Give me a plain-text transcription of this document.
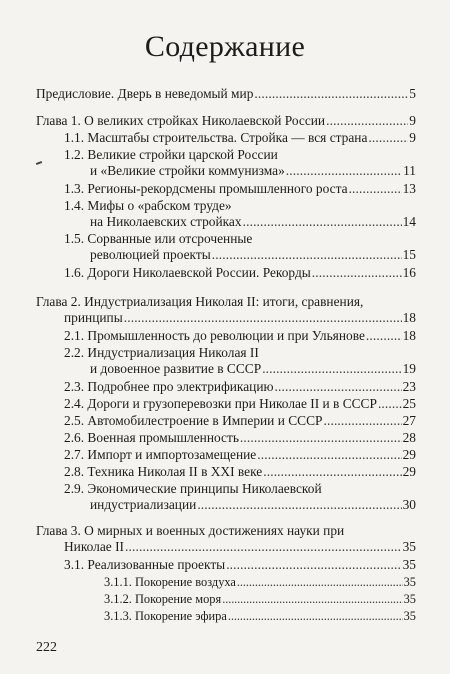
Содержание
Предисловие. Дверь в неведомый мир . . .	5
Глава 1. О великих стройках Николаевской России . . .	9
1.1. Масштабы строительства. Стройка — вся страна . . .	9
1.2. Великие стройки царской России
и «Великие стройки коммунизма» . . .	11
1.3. Регионы-рекордсмены промышленного роста . . .	13
1.4. Мифы о «рабском труде»
на Николаевских стройках . . .	14
1.5. Сорванные или отсроченные
революцией проекты . . .	15
1.6. Дороги Николаевской России. Рекорды . . .	16
Глава 2. Индустриализация Николая II: итоги, сравнения,
принципы . . .	18
2.1. Промышленность до революции и при Ульянове . . .	18
2.2. Индустриализация Николая II
и довоенное развитие в СССР . . .	19
2.3. Подробнее про электрификацию . . .	23
2.4. Дороги и грузоперевозки при Николае II и в СССР . . . 25
2.5. Автомобилестроение в Империи и СССР . . .	27
2.6. Военная промышленность . . .	28
2.7. Импорт и импортозамещение . . .	29
2.8. Техника Николая II в XXI веке . . .	29
2.9. Экономические принципы Николаевской
индустриализации . . .	30
Глава 3. О мирных и военных достижениях науки при
Николае II . . .	35
3.1. Реализованные проекты . . .	35
3.1.1. Покорение воздуха . . .	35
3.1.2. Покорение моря . . .	35
3.1.3. Покорение эфира . . .	35
222
